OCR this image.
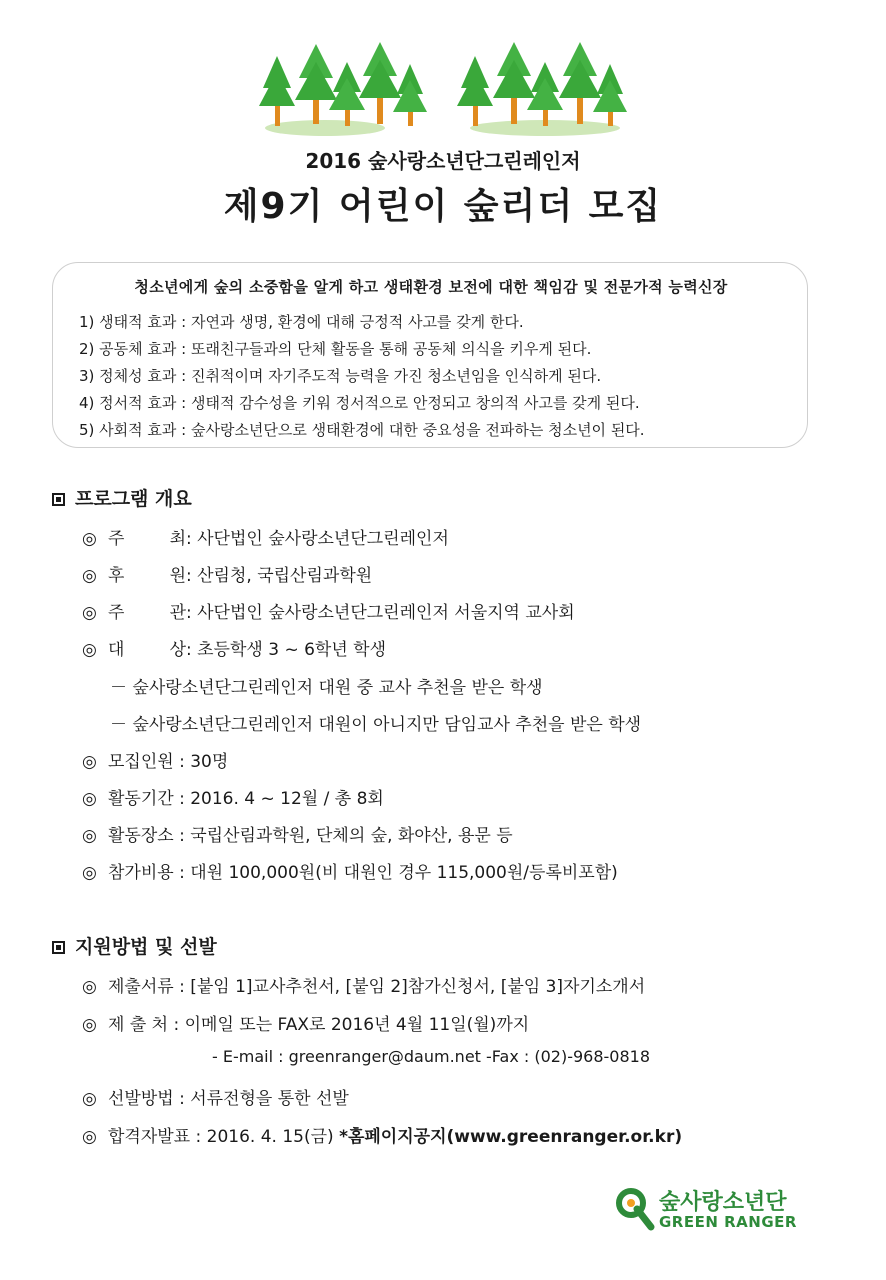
2016 숲사랑소년단그린레인저
제9기 어린이 숲리더 모집
청소년에게 숲의 소중함을 알게 하고 생태환경 보전에 대한 책임감 및 전문가적 능력신장
1) 생태적 효과 : 자연과 생명, 환경에 대해 긍정적 사고를 갖게 한다.
2) 공동체 효과 : 또래친구들과의 단체 활동을 통해 공동체 의식을 키우게 된다.
3) 정체성 효과 : 진취적이며 자기주도적 능력을 가진 청소년임을 인식하게 된다.
4) 정서적 효과 : 생태적 감수성을 키워 정서적으로 안정되고 창의적 사고를 갖게 된다.
5) 사회적 효과 : 숲사랑소년단으로 생태환경에 대한 중요성을 전파하는 청소년이 된다.
프로그램 개요
◎ 주	최 : 사단법인 숲사랑소년단그린레인저
◎ 후	원 : 산림청, 국립산림과학원
◎ 주	관 : 사단법인 숲사랑소년단그린레인저 서울지역 교사회
◎ 대	상 : 초등학생 3 ~ 6학년 학생
－ 숲사랑소년단그린레인저 대원 중 교사 추천을 받은 학생
－ 숲사랑소년단그린레인저 대원이 아니지만 담임교사 추천을 받은 학생
◎ 모집인원 : 30명
◎ 활동기간 : 2016. 4 ~ 12월 / 총 8회
◎ 활동장소 : 국립산림과학원, 단체의 숲, 화야산, 용문 등
◎ 참가비용 : 대원 100,000원(비 대원인 경우 115,000원/등록비포함)
지원방법 및 선발
◎ 제출서류 : [붙임 1]교사추천서, [붙임 2]참가신청서, [붙임 3]자기소개서
◎ 제 출 처 : 이메일 또는 FAX로 2016년 4월 11일(월)까지
- E-mail : greenranger@daum.net -Fax : (02)-968-0818
◎ 선발방법 : 서류전형을 통한 선발
◎ 합격자발표 : 2016. 4. 15(금) *홈페이지공지(www.greenranger.or.kr)
숲사랑소년단
GREEN RANGER
